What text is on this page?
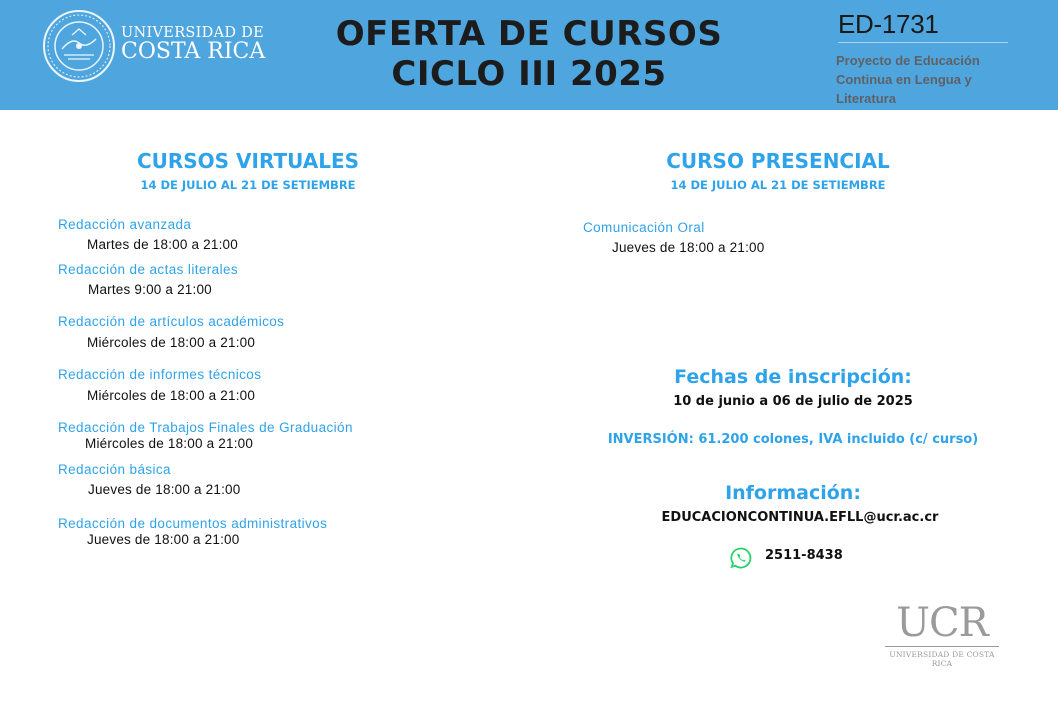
UNIVERSIDAD DE
COSTA RICA	OFERTA DE CURSOS
CICLO III 2025
ED-1731
Proyecto de Educación
Continua en Lengua y
Literatura
CURSOS VIRTUALES
14 DE JULIO AL 21 DE SETIEMBRE
Redacción avanzada
Martes de 18:00 a 21:00
Redacción de actas literales
Martes 9:00 a 21:00
Redacción de artículos académicos
Miércoles de 18:00 a 21:00
Redacción de informes técnicos
Miércoles de 18:00 a 21:00
Redacción de Trabajos Finales de Graduación
Miércoles de 18:00 a 21:00
Redacción básica
Jueves de 18:00 a 21:00
Redacción de documentos administrativos
Jueves de 18:00 a 21:00
CURSO PRESENCIAL
14 DE JULIO AL 21 DE SETIEMBRE
Comunicación Oral
Jueves de 18:00 a 21:00
Fechas de inscripción:
10 de junio a 06 de julio de 2025
INVERSIÓN: 61.200 colones, IVA incluido (c/ curso)
Información:
EDUCACIONCONTINUA.EFLL@ucr.ac.cr
2511-8438
UCR
UNIVERSIDAD DE COSTA RICA
